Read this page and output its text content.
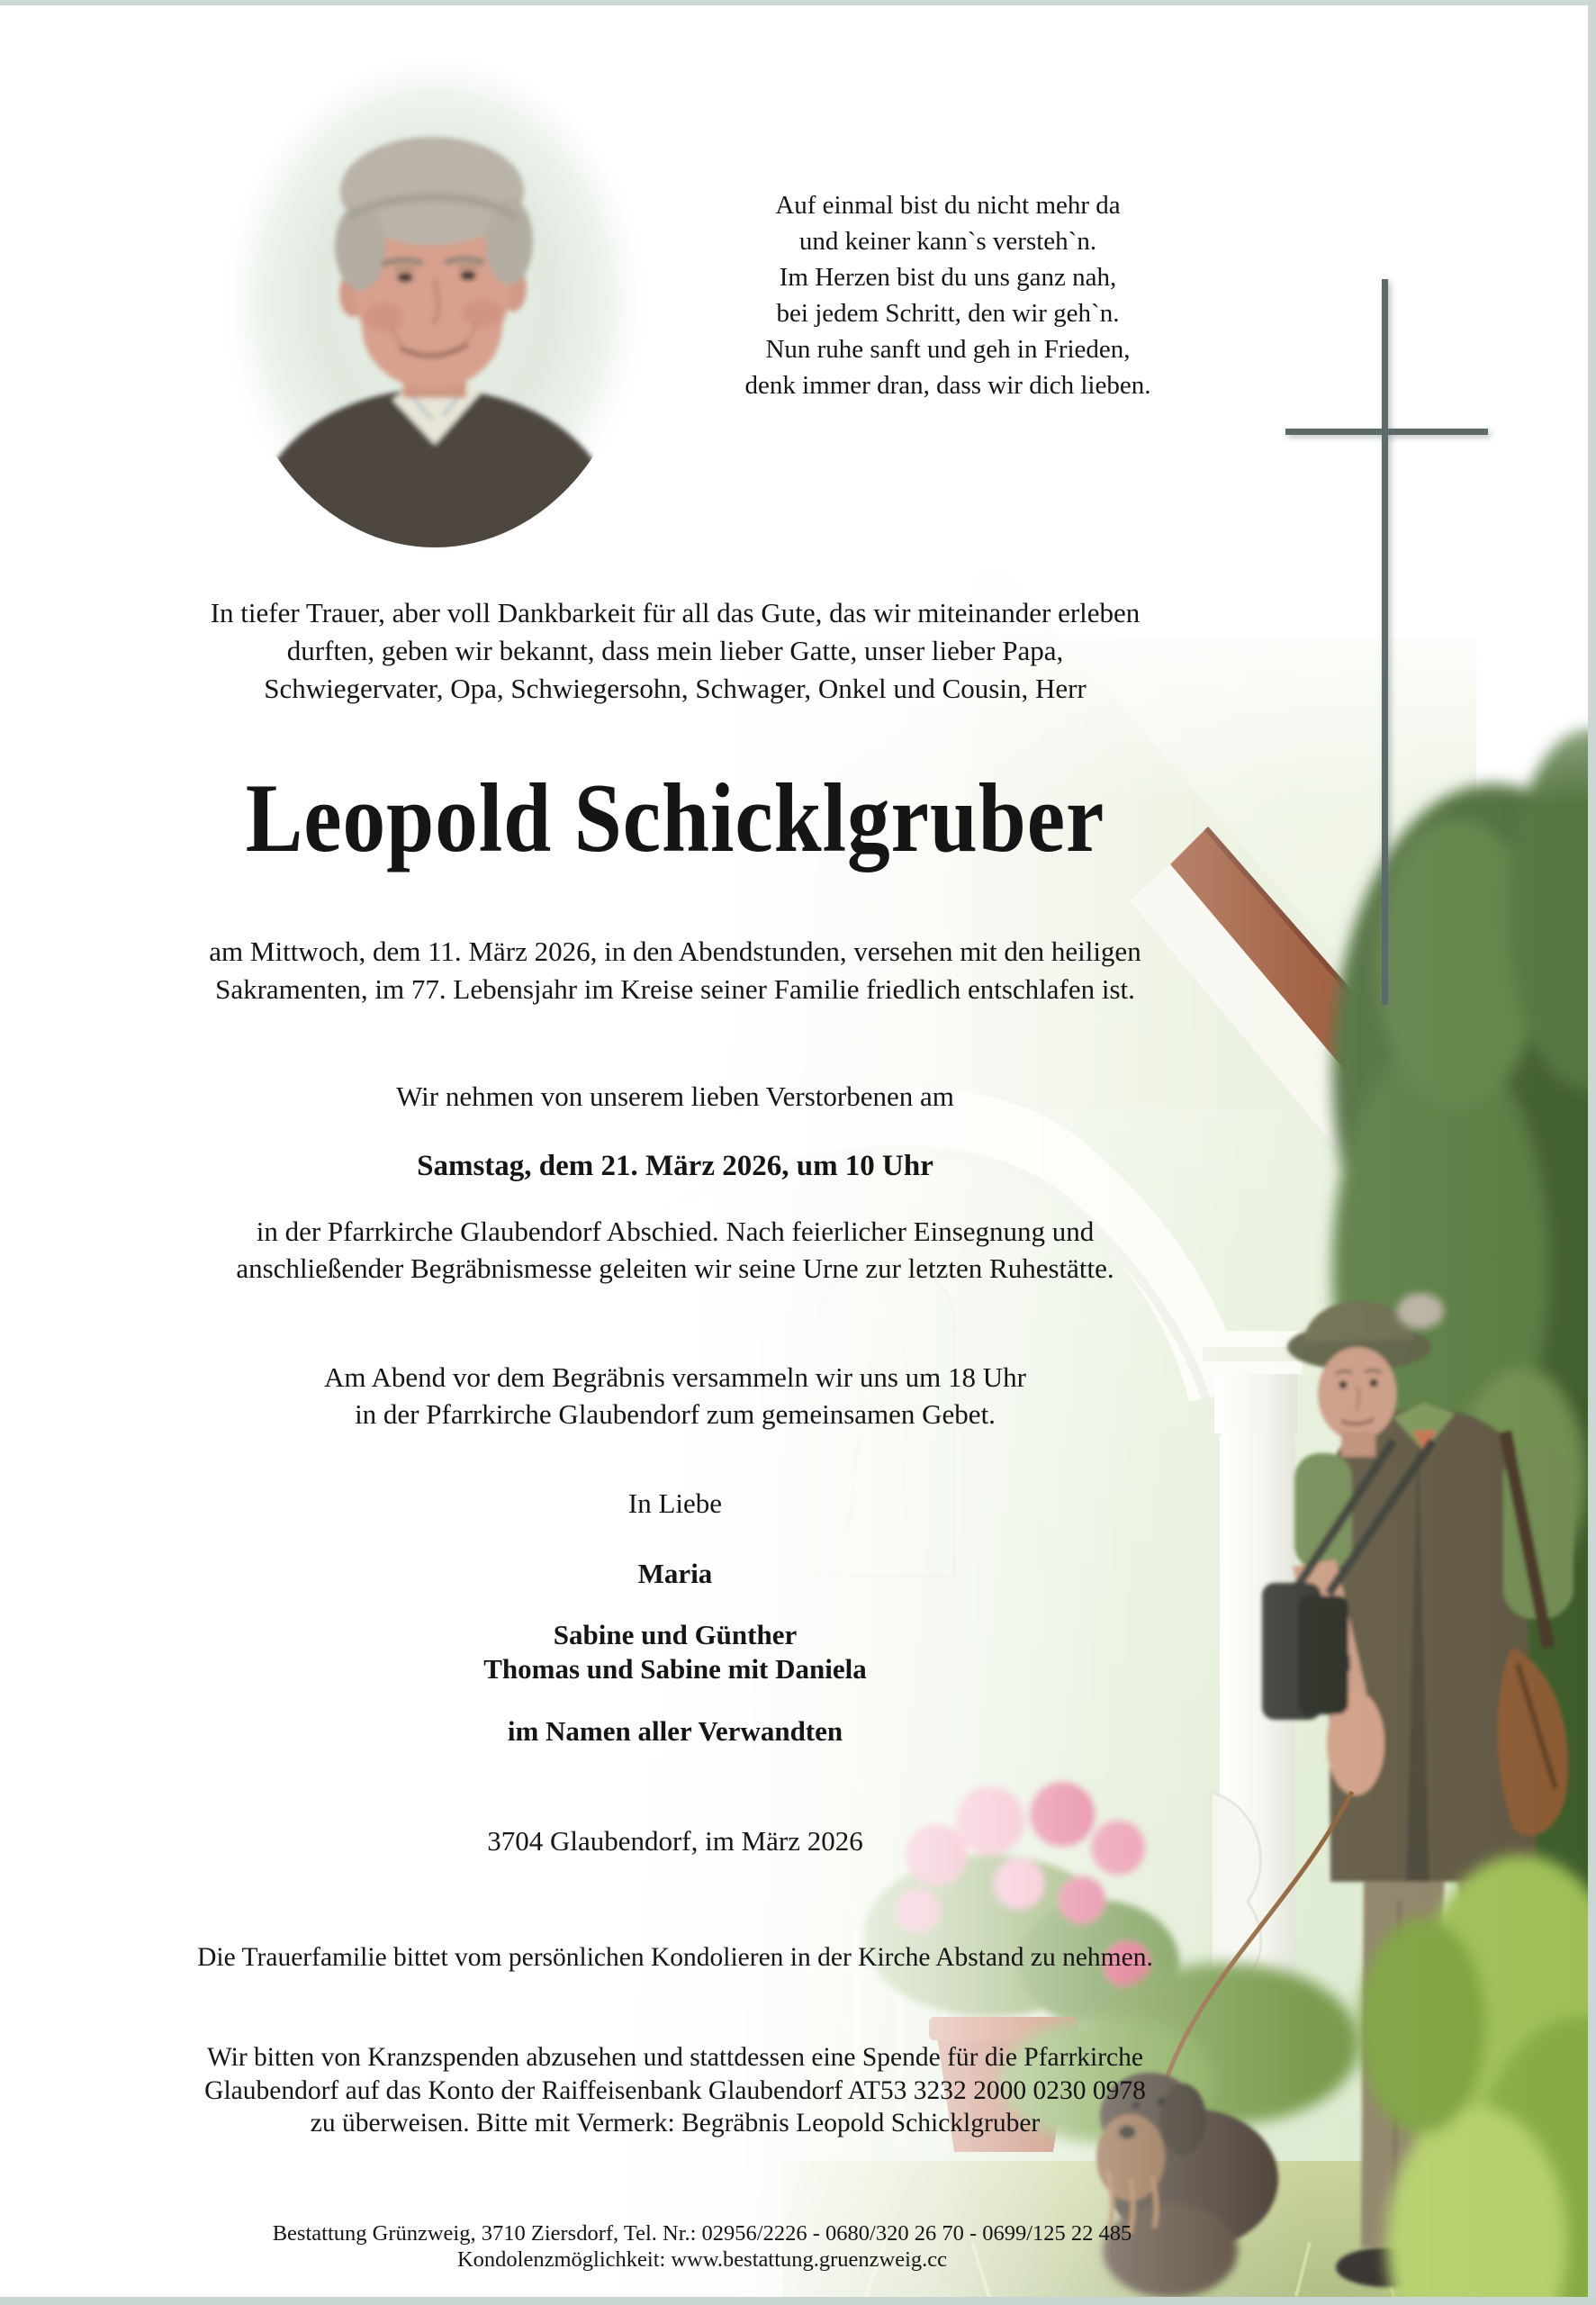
Auf einmal bist du nicht mehr da
und keiner kann`s versteh`n.
Im Herzen bist du uns ganz nah,
bei jedem Schritt, den wir geh`n.
Nun ruhe sanft und geh in Frieden,
denk immer dran, dass wir dich lieben.
In tiefer Trauer, aber voll Dankbarkeit für all das Gute, das wir miteinander erleben
durften, geben wir bekannt, dass mein lieber Gatte, unser lieber Papa,
Schwiegervater, Opa, Schwiegersohn, Schwager, Onkel und Cousin, Herr
Leopold Schicklgruber
am Mittwoch, dem 11. März 2026, in den Abendstunden, versehen mit den heiligen
Sakramenten, im 77. Lebensjahr im Kreise seiner Familie friedlich entschlafen ist.
Wir nehmen von unserem lieben Verstorbenen am
Samstag, dem 21. März 2026, um 10 Uhr
in der Pfarrkirche Glaubendorf Abschied. Nach feierlicher Einsegnung und
anschließender Begräbnismesse geleiten wir seine Urne zur letzten Ruhestätte.
Am Abend vor dem Begräbnis versammeln wir uns um 18 Uhr
in der Pfarrkirche Glaubendorf zum gemeinsamen Gebet.
In Liebe
Maria
Sabine und Günther
Thomas und Sabine mit Daniela
im Namen aller Verwandten
3704 Glaubendorf, im März 2026
Die Trauerfamilie bittet vom persönlichen Kondolieren in der Kirche Abstand zu nehmen.
Wir bitten von Kranzspenden abzusehen und stattdessen eine Spende für die Pfarrkirche
Glaubendorf auf das Konto der Raiffeisenbank Glaubendorf AT53 3232 2000 0230 0978
zu überweisen. Bitte mit Vermerk: Begräbnis Leopold Schicklgruber
Bestattung Grünzweig, 3710 Ziersdorf, Tel. Nr.: 02956/2226 - 0680/320 26 70 - 0699/125 22 485
Kondolenzmöglichkeit: www.bestattung.gruenzweig.cc
